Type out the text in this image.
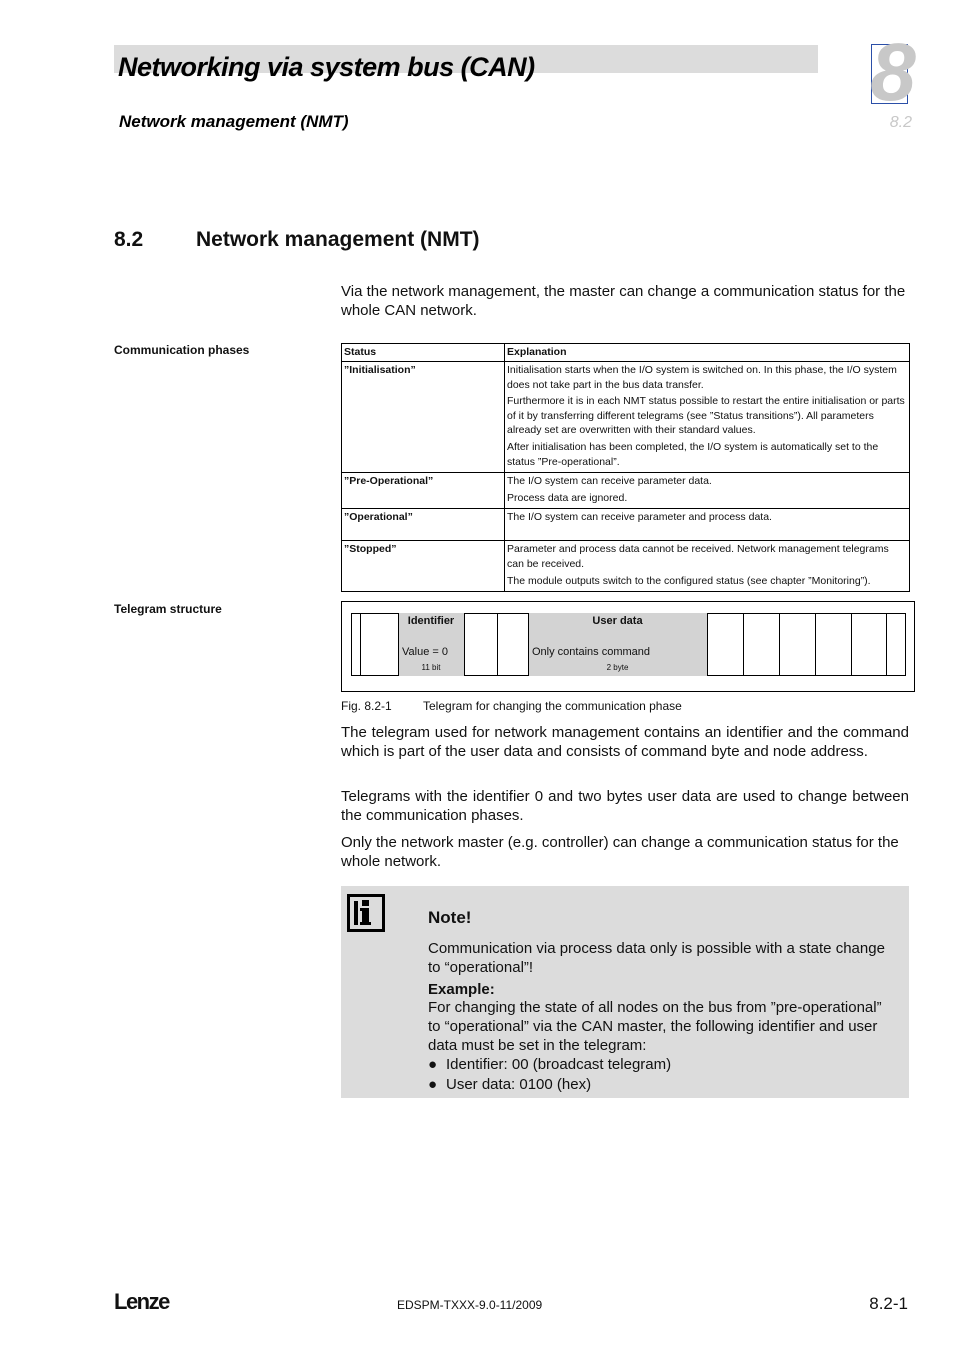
Networking via system bus (CAN)
Network management (NMT)
8
8.2
8.2	Network management (NMT)
Via the network management, the master can change a communication status for the whole CAN network.
Communication phases	Status	Explanation
”Initialisation”	Initialisation starts when the I/O system is switched on. In this phase, the I/O system does not take part in the bus data transfer.

Furthermore it is in each NMT status possible to restart the entire initialisation or parts of it by transferring different telegrams (see ”Status transitions”). All parameters already set are overwritten with their standard values.

After initialisation has been completed, the I/O system is automatically set to the status ”Pre-operational”.

”Pre-Operational”	The I/O system can receive parameter data.

Process data are ignored.

”Operational”	The I/O system can receive parameter and process data.

”Stopped”	Parameter and process data cannot be received. Network management telegrams can be received.

The module outputs switch to the configured status (see chapter ”Monitoring”).

Telegram structure
Identifier
Value = 0
11 bit
User data
Only contains command
2 byte
Fig. 8.2-1	Telegram for changing the communication phase
The telegram used for network management contains an identifier and the command which is part of the user data and consists of command byte and node address.
Telegrams with the identifier 0 and two bytes user data are used to change between the communication phases.
Only the network master (e.g. controller) can change a communication status for the whole network.
Note!
Communication via process data only is possible with a state change to “operational”!
Example:
For changing the state of all nodes on the bus from ”pre-operational” to “operational” via the CAN master, the following identifier and user data must be set in the telegram:
● Identifier: 00 (broadcast telegram)
● User data: 0100 (hex)
Lenze	EDSPM-TXXX-9.0-11/2009	8.2-1
